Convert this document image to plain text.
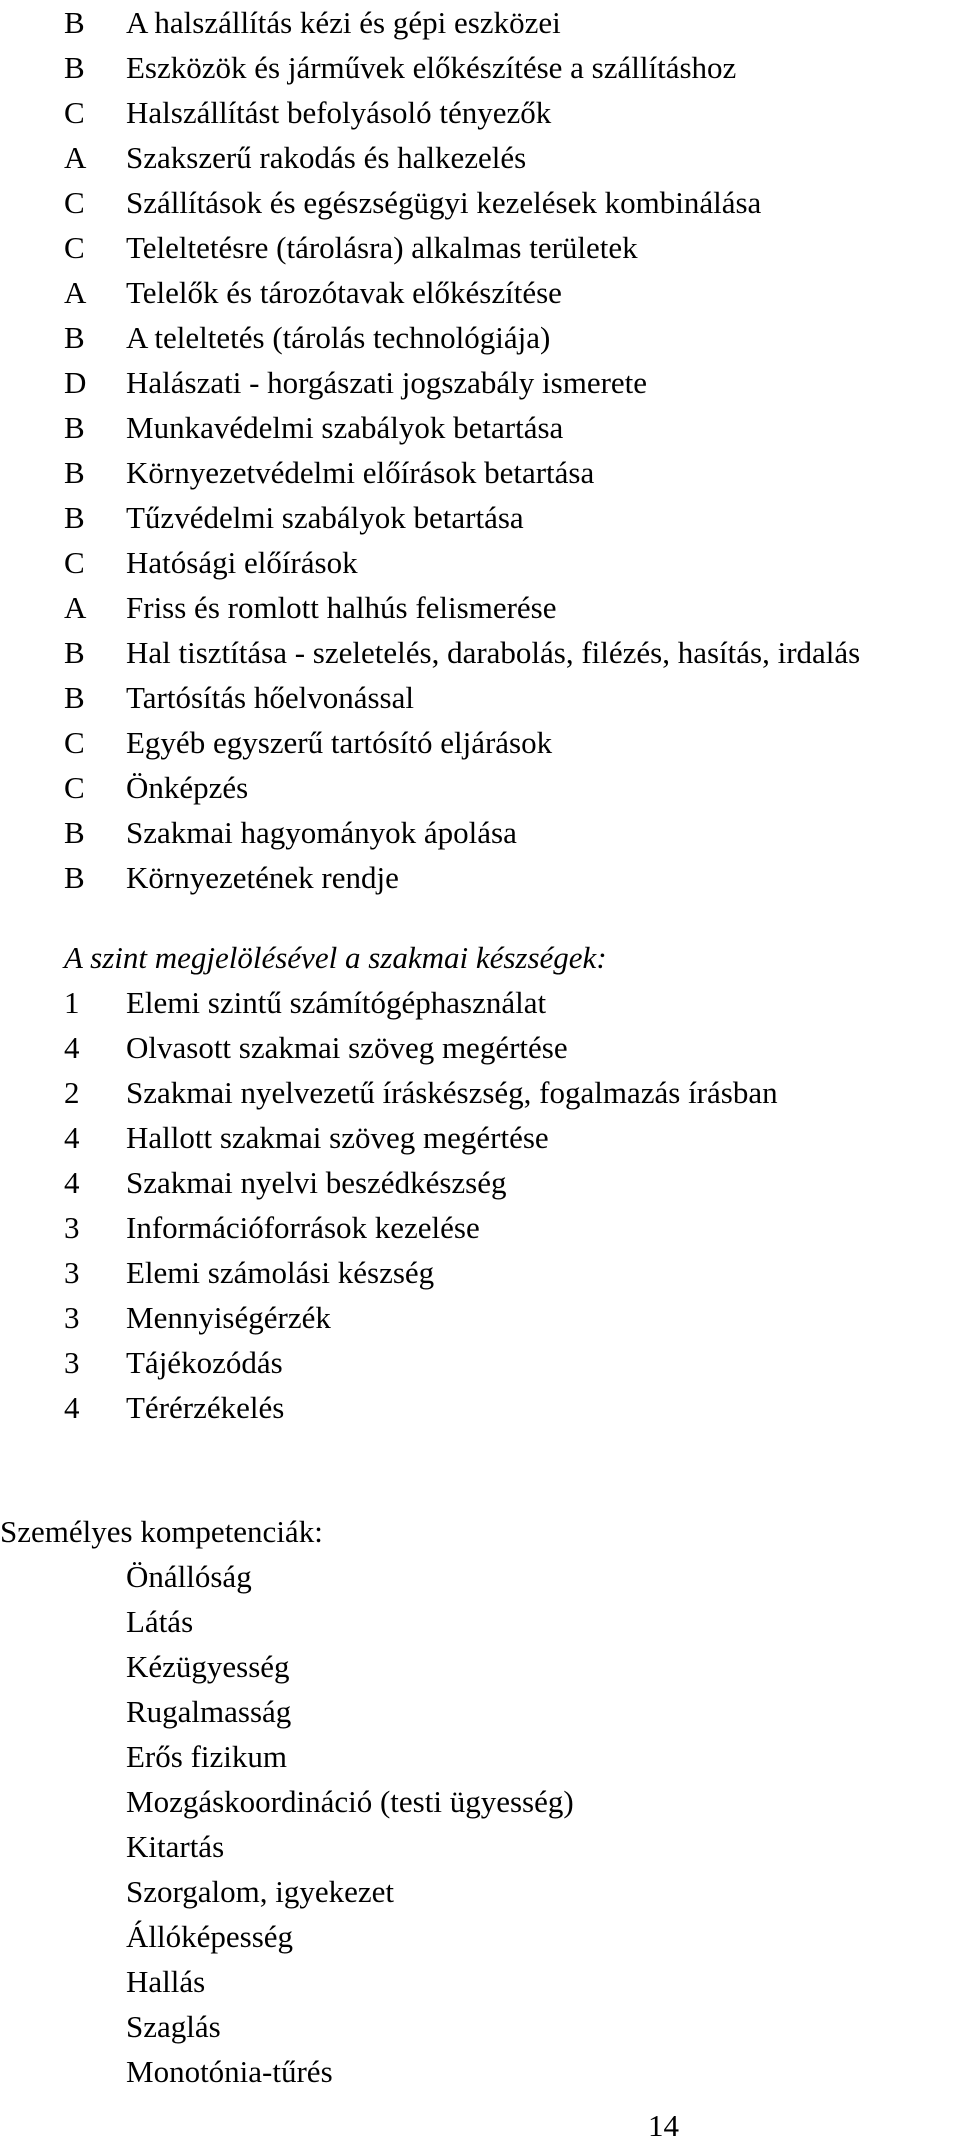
B A halszállítás kézi és gépi eszközei
B Eszközök és járművek előkészítése a szállításhoz
C Halszállítást befolyásoló tényezők
A Szakszerű rakodás és halkezelés
C Szállítások és egészségügyi kezelések kombinálása
C Teleltetésre (tárolásra) alkalmas területek
A Telelők és tározótavak előkészítése
B A teleltetés (tárolás technológiája)
D Halászati - horgászati jogszabály ismerete
B Munkavédelmi szabályok betartása
B Környezetvédelmi előírások betartása
B Tűzvédelmi szabályok betartása
C Hatósági előírások
A Friss és romlott halhús felismerése
B Hal tisztítása - szeletelés, darabolás, filézés, hasítás, irdalás
B Tartósítás hőelvonással
C Egyéb egyszerű tartósító eljárások
C Önképzés
B Szakmai hagyományok ápolása
B Környezetének rendje
A szint megjelölésével a szakmai készségek:
1 Elemi szintű számítógéphasználat
4 Olvasott szakmai szöveg megértése
2 Szakmai nyelvezetű íráskészség, fogalmazás írásban
4 Hallott szakmai szöveg megértése
4 Szakmai nyelvi beszédkészség
3 Információforrások kezelése
3 Elemi számolási készség
3 Mennyiségérzék
3 Tájékozódás
4 Térérzékelés
Személyes kompetenciák:
Önállóság
Látás
Kézügyesség
Rugalmasság
Erős fizikum
Mozgáskoordináció (testi ügyesség)
Kitartás
Szorgalom, igyekezet
Állóképesség
Hallás
Szaglás
Monotónia-tűrés
14
